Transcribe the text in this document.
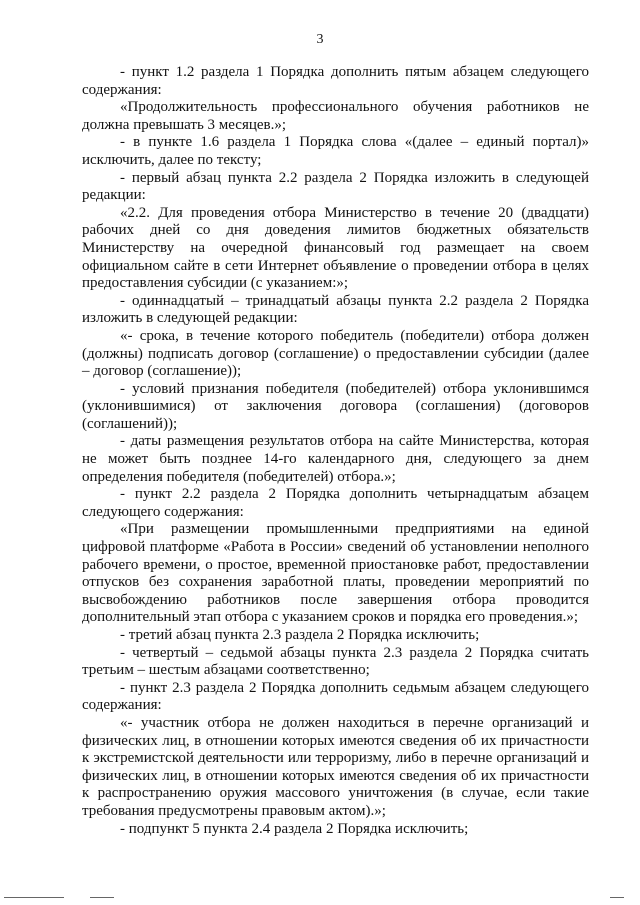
3

- пункт 1.2 раздела 1 Порядка дополнить пятым абзацем следующего содержания:

«Продолжительность профессионального обучения работников не должна превышать 3 месяцев.»;

- в пункте 1.6 раздела 1 Порядка слова «(далее – единый портал)» исключить, далее по тексту;

- первый абзац пункта 2.2 раздела 2 Порядка изложить в следующей редакции:

«2.2. Для проведения отбора Министерство в течение 20 (двадцати) рабочих дней со дня доведения лимитов бюджетных обязательств Министерству на очередной финансовый год размещает на своем официальном сайте в сети Интернет объявление о проведении отбора в целях предоставления субсидии (с указанием:»;

- одиннадцатый – тринадцатый абзацы пункта 2.2 раздела 2 Порядка изложить в следующей редакции:

«- срока, в течение которого победитель (победители) отбора должен (должны) подписать договор (соглашение) о предоставлении субсидии (далее – договор (соглашение));

- условий признания победителя (победителей) отбора уклонившимся (уклонившимися) от заключения договора (соглашения) (договоров (соглашений));

- даты размещения результатов отбора на сайте Министерства, которая не может быть позднее 14-го календарного дня, следующего за днем определения победителя (победителей) отбора.»;

- пункт 2.2 раздела 2 Порядка дополнить четырнадцатым абзацем следующего содержания:

«При размещении промышленными предприятиями на единой цифровой платформе «Работа в России» сведений об установлении неполного рабочего времени, о простое, временной приостановке работ, предоставлении отпусков без сохранения заработной платы, проведении мероприятий по высвобождению работников после завершения отбора проводится дополнительный этап отбора с указанием сроков и порядка его проведения.»;

- третий абзац пункта 2.3 раздела 2 Порядка исключить;

- четвертый – седьмой абзацы пункта 2.3 раздела 2 Порядка считать третьим – шестым абзацами соответственно;

- пункт 2.3 раздела 2 Порядка дополнить седьмым абзацем следующего содержания:

«- участник отбора не должен находиться в перечне организаций и физических лиц, в отношении которых имеются сведения об их причастности к экстремистской деятельности или терроризму, либо в перечне организаций и физических лиц, в отношении которых имеются сведения об их причастности к распространению оружия массового уничтожения (в случае, если такие требования предусмотрены правовым актом).»;

- подпункт 5 пункта 2.4 раздела 2 Порядка исключить;
